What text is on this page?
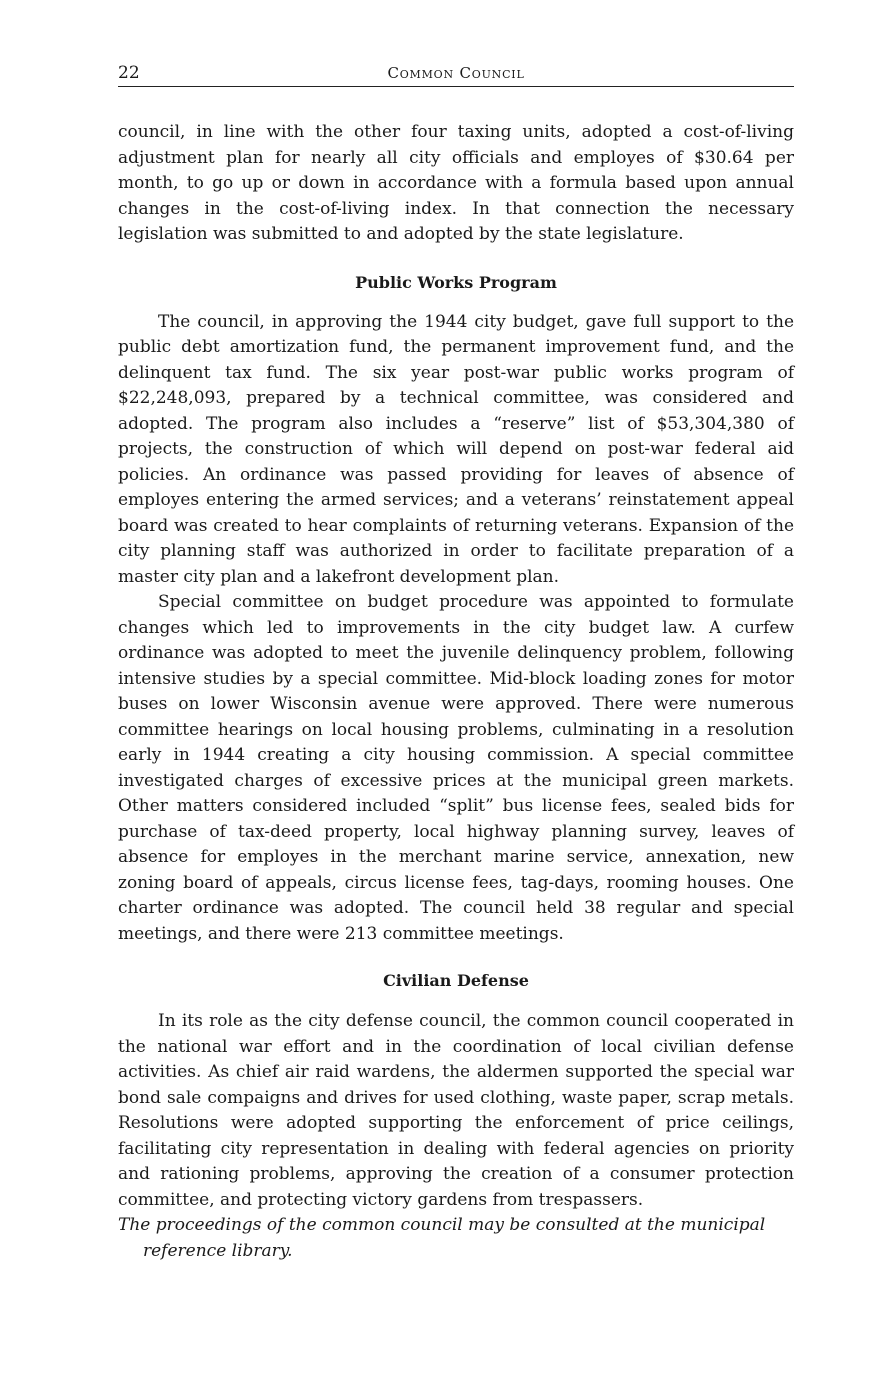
22	Common Council

council, in line with the other four taxing units, adopted a cost-of-living adjustment plan for nearly all city officials and employes of $30.64 per month, to go up or down in accordance with a formula based upon annual changes in the cost-of-living index. In that connection the necessary legislation was submitted to and adopted by the state legislature.

Public Works Program

The council, in approving the 1944 city budget, gave full support to the public debt amortization fund, the permanent improvement fund, and the delinquent tax fund. The six year post-war public works program of $22,248,093, prepared by a technical committee, was considered and adopted. The program also includes a “reserve” list of $53,304,380 of projects, the construction of which will depend on post-war federal aid policies. An ordinance was passed providing for leaves of absence of employes entering the armed services; and a veterans’ reinstatement appeal board was created to hear complaints of returning veterans. Expansion of the city planning staff was authorized in order to facilitate preparation of a master city plan and a lakefront development plan.

Special committee on budget procedure was appointed to formulate changes which led to improvements in the city budget law. A curfew ordinance was adopted to meet the juvenile delinquency problem, following intensive studies by a special committee. Mid-block loading zones for motor buses on lower Wisconsin avenue were approved. There were numerous committee hearings on local housing problems, culminating in a resolution early in 1944 creating a city housing commission. A special committee investigated charges of excessive prices at the municipal green markets. Other matters considered included “split” bus license fees, sealed bids for purchase of tax-deed property, local highway planning survey, leaves of absence for employes in the merchant marine service, annexation, new zoning board of appeals, circus license fees, tag-days, rooming houses. One charter ordinance was adopted. The council held 38 regular and special meetings, and there were 213 committee meetings.

Civilian Defense

In its role as the city defense council, the common council cooperated in the national war effort and in the coordination of local civilian defense activities. As chief air raid wardens, the aldermen supported the special war bond sale compaigns and drives for used clothing, waste paper, scrap metals. Resolutions were adopted supporting the enforcement of price ceilings, facilitating city representation in dealing with federal agencies on priority and rationing problems, approving the creation of a consumer protection committee, and protecting victory gardens from trespassers.

The proceedings of the common council may be consulted at the municipal reference library.
